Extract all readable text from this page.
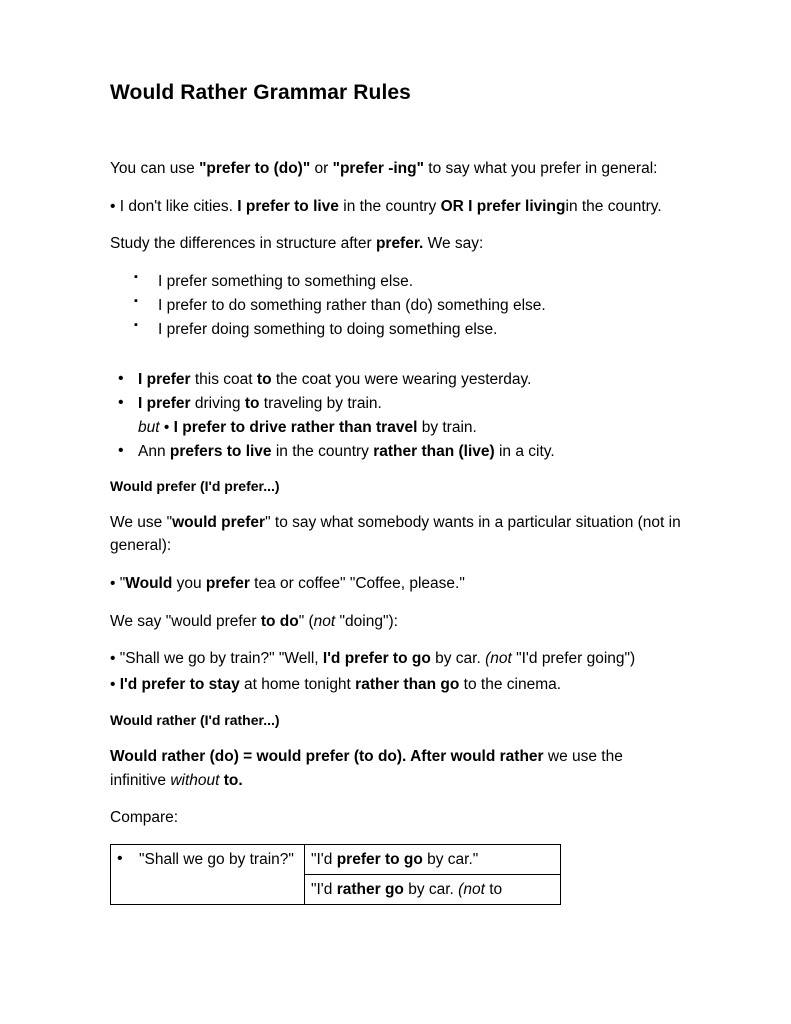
Would Rather Grammar Rules

You can use "prefer to (do)" or "prefer -ing" to say what you prefer in general:

• I don't like cities. I prefer to live in the country OR I prefer livingin the country.

Study the differences in structure after prefer. We say:

▪ I prefer something to something else.
▪ I prefer to do something rather than (do) something else.
▪ I prefer doing something to doing something else.
• I prefer this coat to the coat you were wearing yesterday.
• I prefer driving to traveling by train.
but • I prefer to drive rather than travel by train.
• Ann prefers to live in the country rather than (live) in a city.
Would prefer (I'd prefer...)

We use "would prefer" to say what somebody wants in a particular situation (not in general):

• "Would you prefer tea or coffee" "Coffee, please."

We say "would prefer to do" (not "doing"):

• "Shall we go by train?" "Well, I'd prefer to go by car. (not "I'd prefer going")

• I'd prefer to stay at home tonight rather than go to the cinema.

Would rather (I'd rather...)

Would rather (do) = would prefer (to do). After would rather we use the infinitive without to.

Compare:

• "Shall we go by train?"	"I'd prefer to go by car."
"I'd rather go by car. (not to
